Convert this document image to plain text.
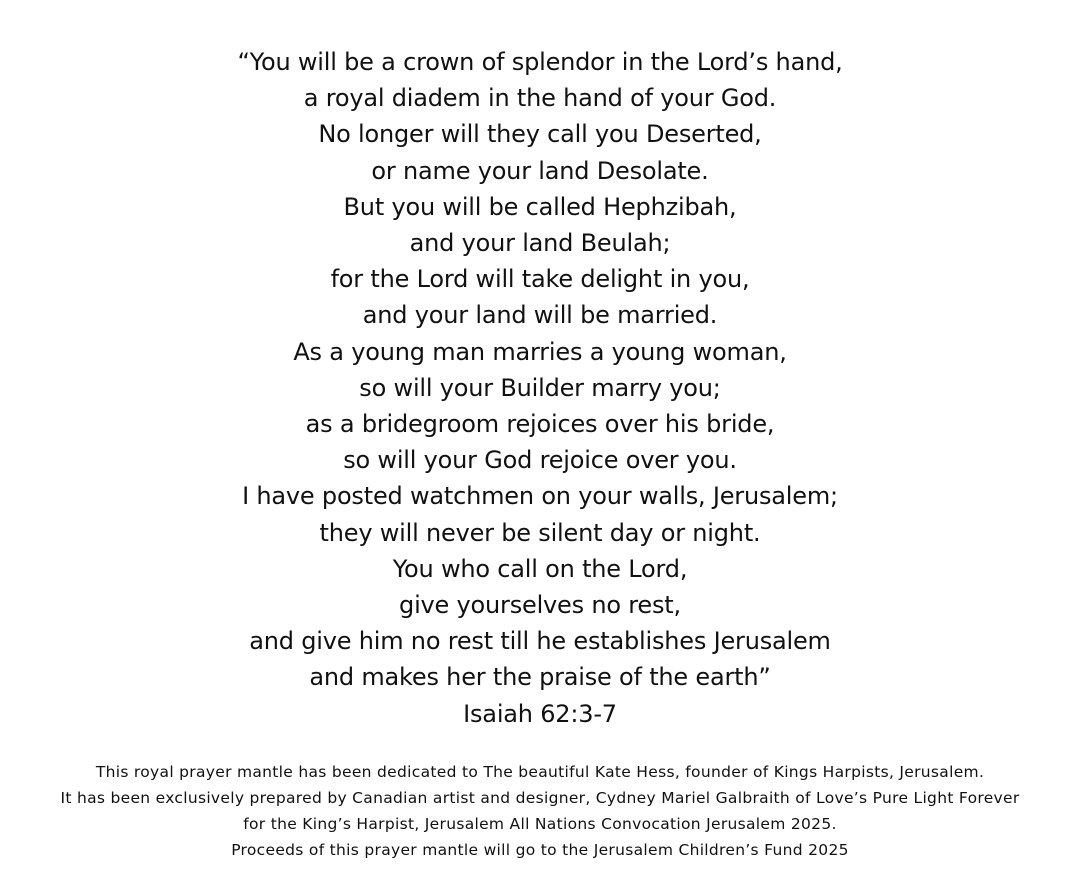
“You will be a crown of splendor in the Lord’s hand,
a royal diadem in the hand of your God.
No longer will they call you Deserted,
or name your land Desolate.
But you will be called Hephzibah,
and your land Beulah;
for the Lord will take delight in you,
and your land will be married.
As a young man marries a young woman,
so will your Builder marry you;
as a bridegroom rejoices over his bride,
so will your God rejoice over you.
I have posted watchmen on your walls, Jerusalem;
they will never be silent day or night.
You who call on the Lord,
give yourselves no rest,
and give him no rest till he establishes Jerusalem
and makes her the praise of the earth”
Isaiah 62:3-7
This royal prayer mantle has been dedicated to The beautiful Kate Hess, founder of Kings Harpists, Jerusalem.
It has been exclusively prepared by Canadian artist and designer, Cydney Mariel Galbraith of Love’s Pure Light Forever
for the King’s Harpist, Jerusalem All Nations Convocation Jerusalem 2025.
Proceeds of this prayer mantle will go to the Jerusalem Children’s Fund 2025
